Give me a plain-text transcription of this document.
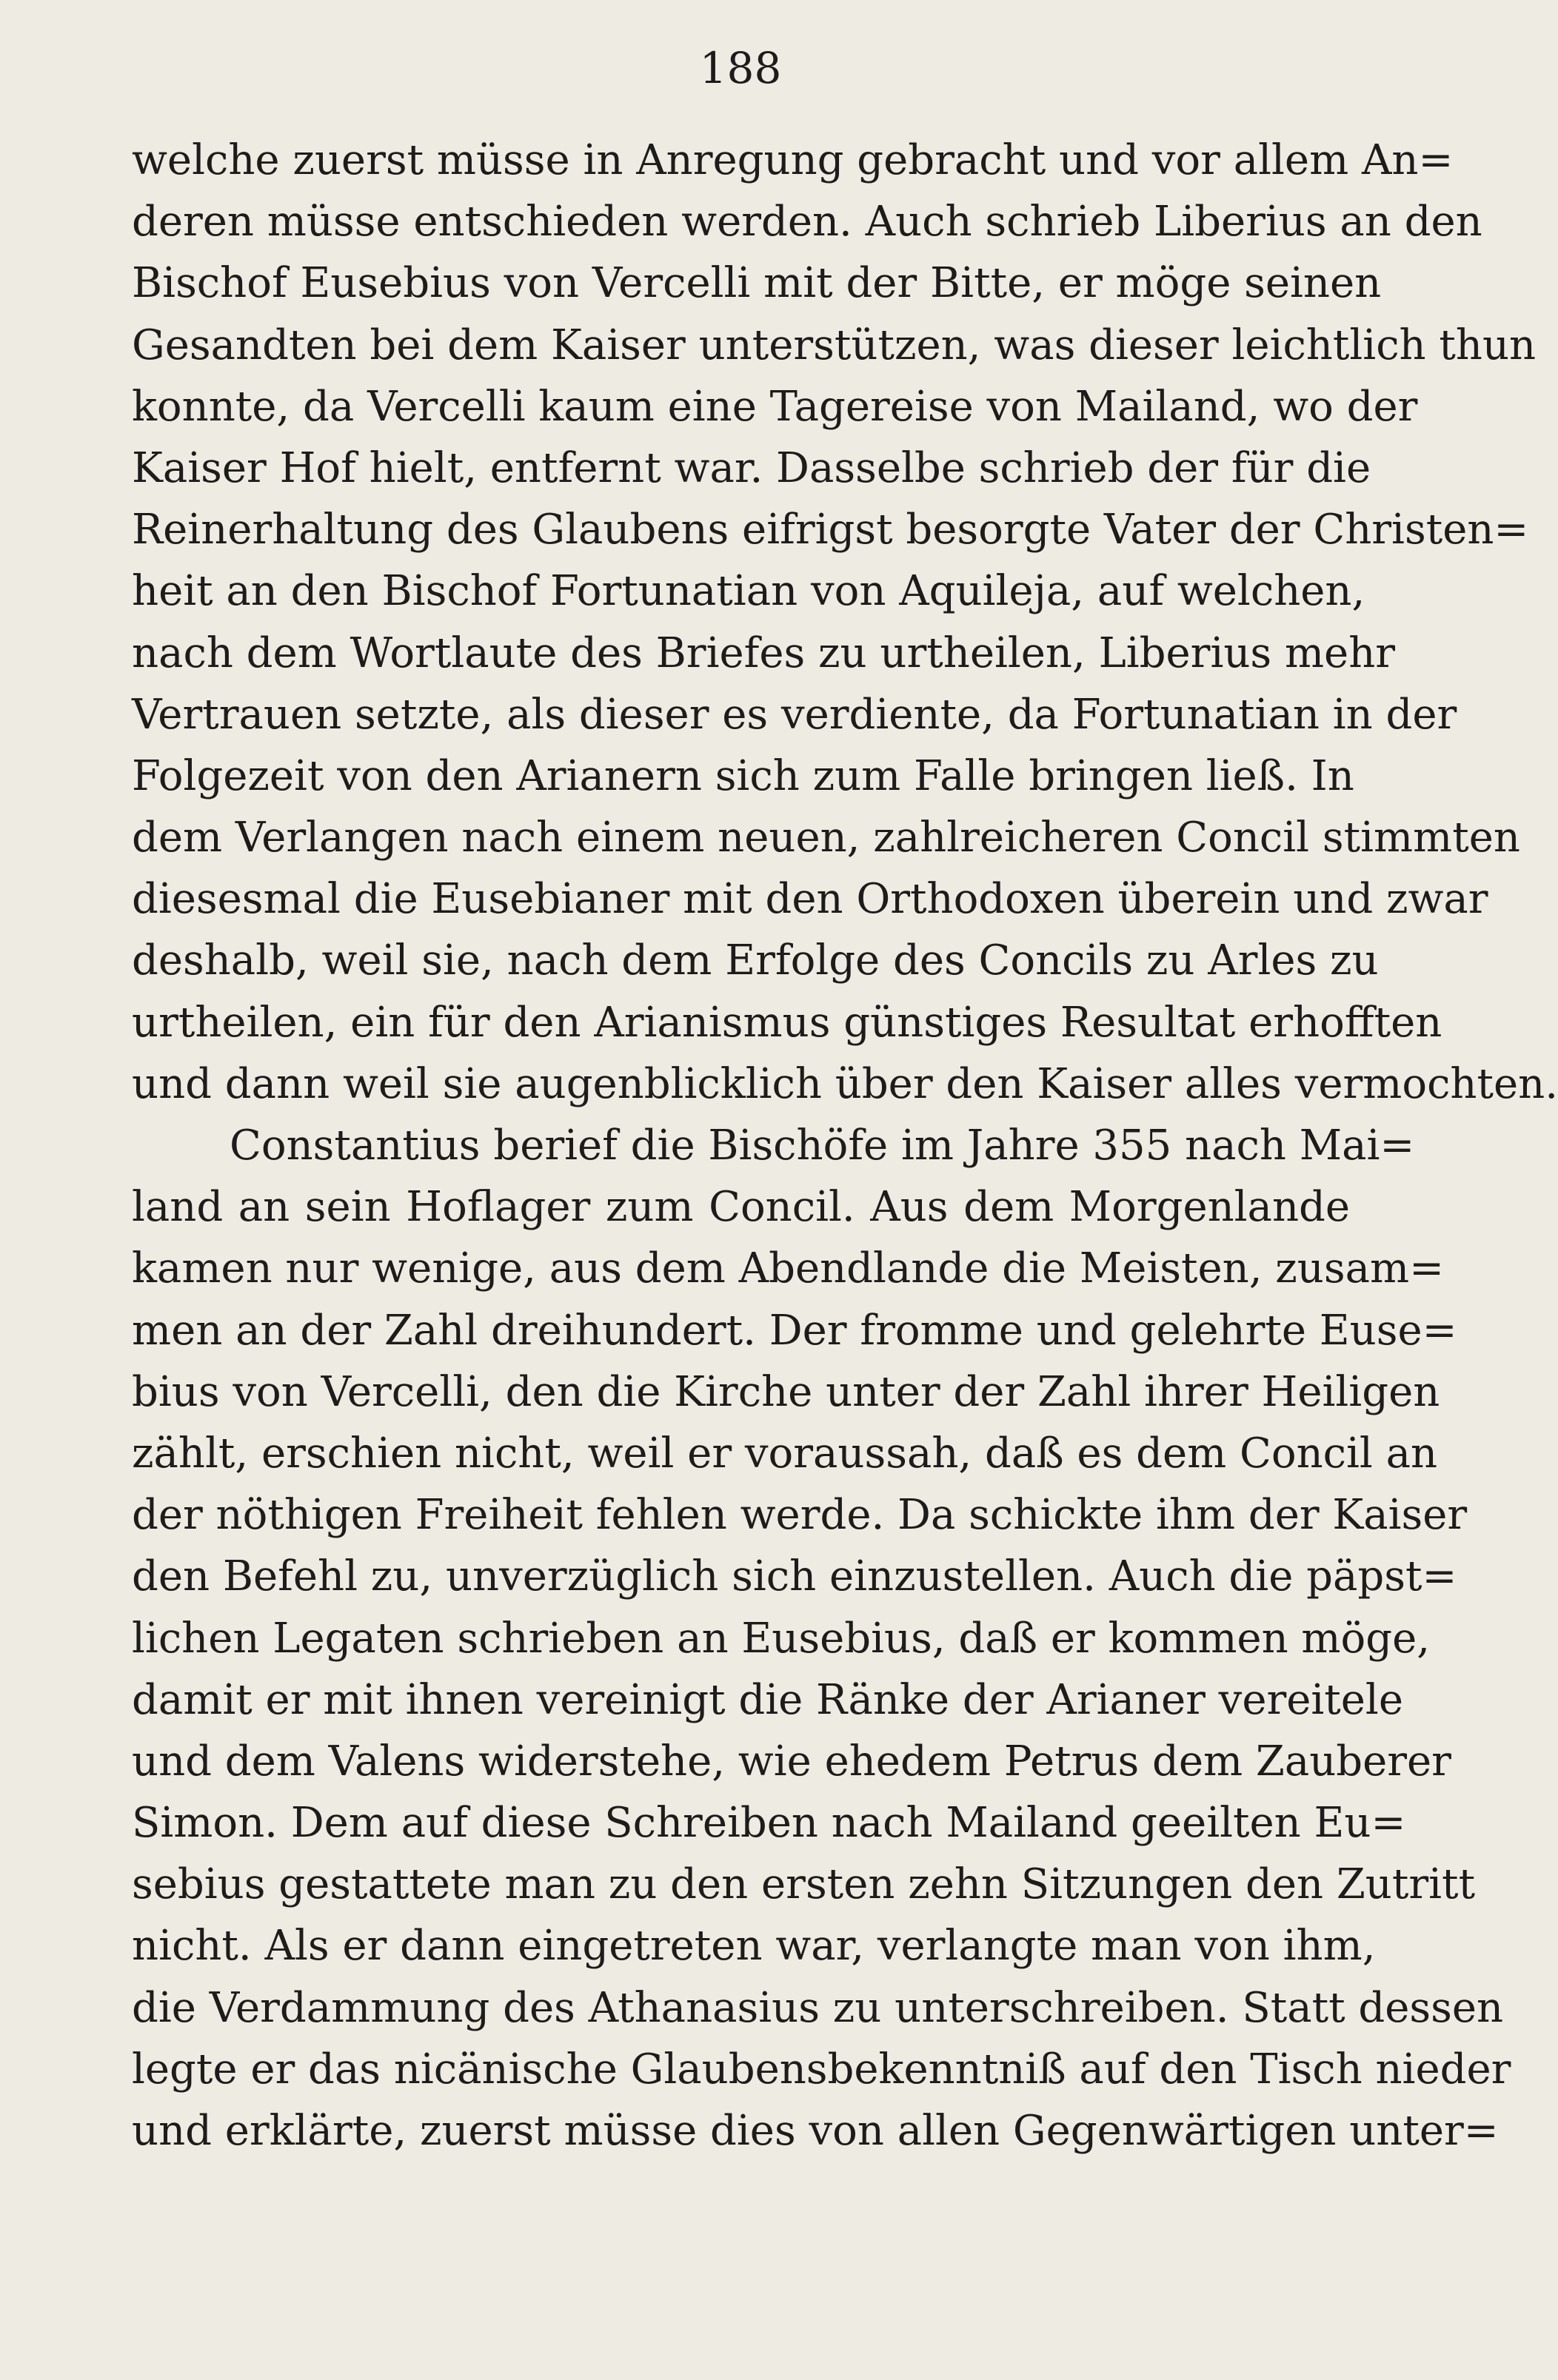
188
welche zuerst müsse in Anregung gebracht und vor allem An=
deren müsse entschieden werden. Auch schrieb Liberius an den
Bischof Eusebius von Vercelli mit der Bitte, er möge seinen
Gesandten bei dem Kaiser unterstützen, was dieser leichtlich thun
konnte, da Vercelli kaum eine Tagereise von Mailand, wo der
Kaiser Hof hielt, entfernt war. Dasselbe schrieb der für die
Reinerhaltung des Glaubens eifrigst besorgte Vater der Christen=
heit an den Bischof Fortunatian von Aquileja, auf welchen,
nach dem Wortlaute des Briefes zu urtheilen, Liberius mehr
Vertrauen setzte, als dieser es verdiente, da Fortunatian in der
Folgezeit von den Arianern sich zum Falle bringen ließ. In
dem Verlangen nach einem neuen, zahlreicheren Concil stimmten
diesesmal die Eusebianer mit den Orthodoxen überein und zwar
deshalb, weil sie, nach dem Erfolge des Concils zu Arles zu
urtheilen, ein für den Arianismus günstiges Resultat erhofften
und dann weil sie augenblicklich über den Kaiser alles vermochten.
Constantius berief die Bischöfe im Jahre 355 nach Mai=
land an sein Hoflager zum Concil. Aus dem Morgenlande
kamen nur wenige, aus dem Abendlande die Meisten, zusam=
men an der Zahl dreihundert. Der fromme und gelehrte Euse=
bius von Vercelli, den die Kirche unter der Zahl ihrer Heiligen
zählt, erschien nicht, weil er voraussah, daß es dem Concil an
der nöthigen Freiheit fehlen werde. Da schickte ihm der Kaiser
den Befehl zu, unverzüglich sich einzustellen. Auch die päpst=
lichen Legaten schrieben an Eusebius, daß er kommen möge,
damit er mit ihnen vereinigt die Ränke der Arianer vereitele
und dem Valens widerstehe, wie ehedem Petrus dem Zauberer
Simon. Dem auf diese Schreiben nach Mailand geeilten Eu=
sebius gestattete man zu den ersten zehn Sitzungen den Zutritt
nicht. Als er dann eingetreten war, verlangte man von ihm,
die Verdammung des Athanasius zu unterschreiben. Statt dessen
legte er das nicänische Glaubensbekenntniß auf den Tisch nieder
und erklärte, zuerst müsse dies von allen Gegenwärtigen unter=
